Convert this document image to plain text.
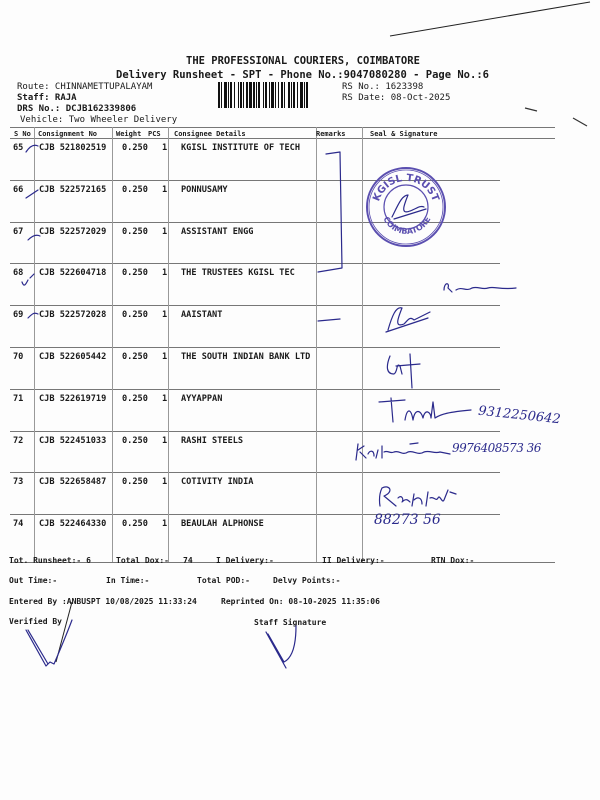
THE PROFESSIONAL COURIERS, COIMBATORE
Delivery Runsheet - SPT - Phone No.:9047080280 - Page No.:6
Route: CHINNAMETTUPALAYAM
Staff: RAJA
DRS No.: DCJB162339806
Vehicle: Two Wheeler Delivery
RS No.: 1623398
RS Date: 08-Oct-2025
S No Consignment No	Weight PCS Consignee Details	Remarks	Seal & Signature
65 CJB 521802519 0.250 1 KGISL INSTITUTE OF TECH
66 CJB 522572165 0.250 1 PONNUSAMY
67 CJB 522572029 0.250 1 ASSISTANT ENGG
68 CJB 522604718 0.250 1 THE TRUSTEES KGISL TEC
69 CJB 522572028 0.250 1 AAISTANT
70 CJB 522605442 0.250 1 THE SOUTH INDIAN BANK LTD
71 CJB 522619719 0.250 1 AYYAPPAN
72 CJB 522451033 0.250 1 RASHI STEELS
73 CJB 522658487 0.250 1 COTIVITY INDIA
74 CJB 522464330 0.250 1 BEAULAH ALPHONSE
KGISL TRUST
COIMBATORE
9312250642
9976408573 36
88273 56
Tot. Runsheet:- 6	Total Dox:- 74	I Delivery:-	II Delivery:-	RTN Dox:-
Out Time:-	In Time:-	Total POD:-	Delvy Points:-
Entered By :ANBUSPT 10/08/2025 11:33:24	Reprinted On: 08-10-2025 11:35:06
Verified By	Staff Signature
